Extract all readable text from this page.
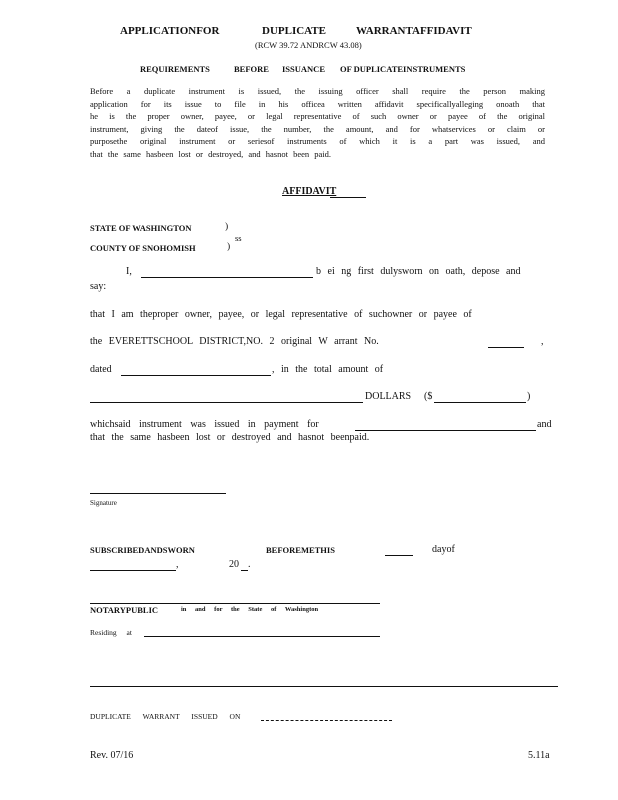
APPLICATIONFOR	DUPLICATE	WARRANTAFFIDAVIT
(RCW 39.72 ANDRCW 43.08)
REQUIREMENTS	BEFORE ISSUANCE OF DUPLICATEINSTRUMENTS
Before a duplicate instrument is issued, the issuing officer shall require the person making
application for its issue to file in his officea written affidavit specificallyalleging onoath that
he is the proper owner, payee, or legal representative of such owner or payee of the original
instrument, giving the dateof issue, the number, the amount, and for whatservices or claim or
purposethe original instrument or seriesof instruments of which it is a part was issued, and
that the same hasbeen lost or destroyed, and hasnot been paid.
AFFIDAVIT
STATE OF WASHINGTON	)
ss
COUNTY OF SNOHOMISH	)
I,	b ei ng first dulysworn on oath, depose and
say:
that I am theproper owner, payee, or legal representative of suchowner or payee of
the EVERETTSCHOOL DISTRICT,NO. 2 original W arrant No.	,
dated	, in the total amount of
DOLLARS ($	)
whichsaid instrument was issued in payment for	and
that the same hasbeen lost or destroyed and hasnot beenpaid.
Signature
SUBSCRIBEDANDSWORN	BEFOREMETHIS	dayof
,	20 .
NOTARYPUBLIC	in and for the State of Washington
Residing at
DUPLICATE WARRANT ISSUED ON
Rev. 07/16	5.11a
